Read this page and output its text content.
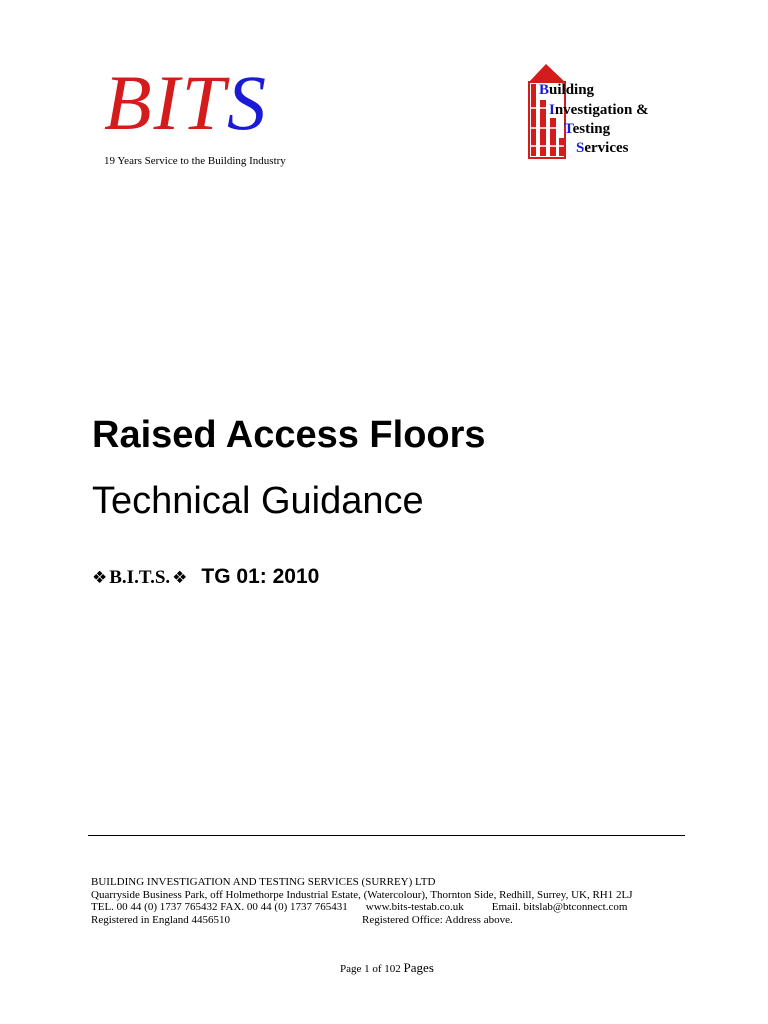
BITS
19 Years Service to the Building Industry
Building
Investigation &
Testing
Services
Raised Access Floors
Technical Guidance
❖ B.I.T.S. ❖ TG 01: 2010
BUILDING INVESTIGATION AND TESTING SERVICES (SURREY) LTD
Quarryside Business Park, off Holmethorpe Industrial Estate, (Watercolour), Thornton Side, Redhill, Surrey, UK, RH1 2LJ
TEL. 00 44 (0) 1737 765432 FAX. 00 44 (0) 1737 765431 www.bits-testab.co.uk	Email. bitslab@btconnect.com
Registered in England 4456510	Registered Office: Address above.
Page 1 of 102 Pages
